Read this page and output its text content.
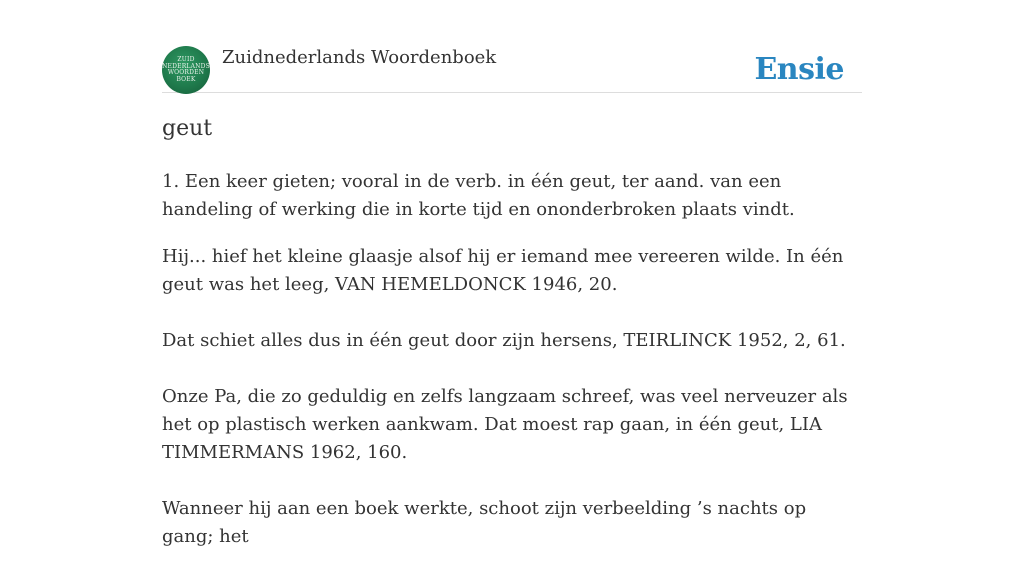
ZUID
NEDERLANDS
WOORDEN
BOEK
Zuidnederlands Woordenboek	Ensie
geut

1. Een keer gieten; vooral in de verb. in één geut, ter aand. van een handeling of werking die in korte tijd en ononderbroken plaats vindt.

Hij... hief het kleine glaasje alsof hij er iemand mee vereeren wilde. In één geut was het leeg, VAN HEMELDONCK 1946, 20.

Dat schiet alles dus in één geut door zijn hersens, TEIRLINCK 1952, 2, 61.

Onze Pa, die zo geduldig en zelfs langzaam schreef, was veel nerveuzer als het op plastisch werken aankwam. Dat moest rap gaan, in één geut, LIA TIMMERMANS 1962, 160.

Wanneer hij aan een boek werkte, schoot zijn verbeelding ’s nachts op gang; het
